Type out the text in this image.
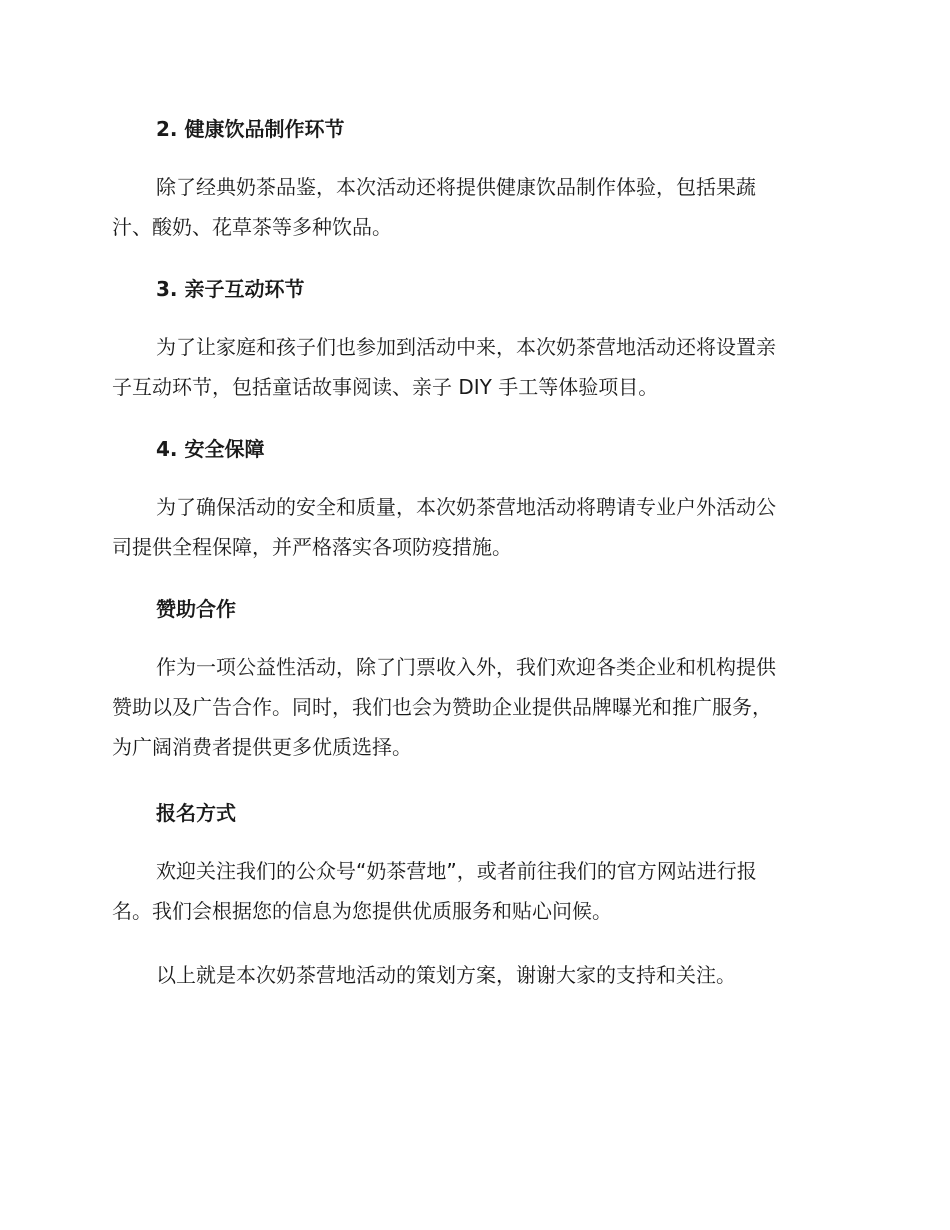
2. 健康饮品制作环节
除了经典奶茶品鉴，本次活动还将提供健康饮品制作体验，包括果蔬
汁、酸奶、花草茶等多种饮品。
3. 亲子互动环节
为了让家庭和孩子们也参加到活动中来，本次奶茶营地活动还将设置亲
子互动环节，包括童话故事阅读、亲子 DIY 手工等体验项目。
4. 安全保障
为了确保活动的安全和质量，本次奶茶营地活动将聘请专业户外活动公
司提供全程保障，并严格落实各项防疫措施。
赞助合作
作为一项公益性活动，除了门票收入外，我们欢迎各类企业和机构提供
赞助以及广告合作。同时，我们也会为赞助企业提供品牌曝光和推广服务，
为广阔消费者提供更多优质选择。
报名方式
欢迎关注我们的公众号“奶茶营地”，或者前往我们的官方网站进行报
名。我们会根据您的信息为您提供优质服务和贴心问候。
以上就是本次奶茶营地活动的策划方案，谢谢大家的支持和关注。
